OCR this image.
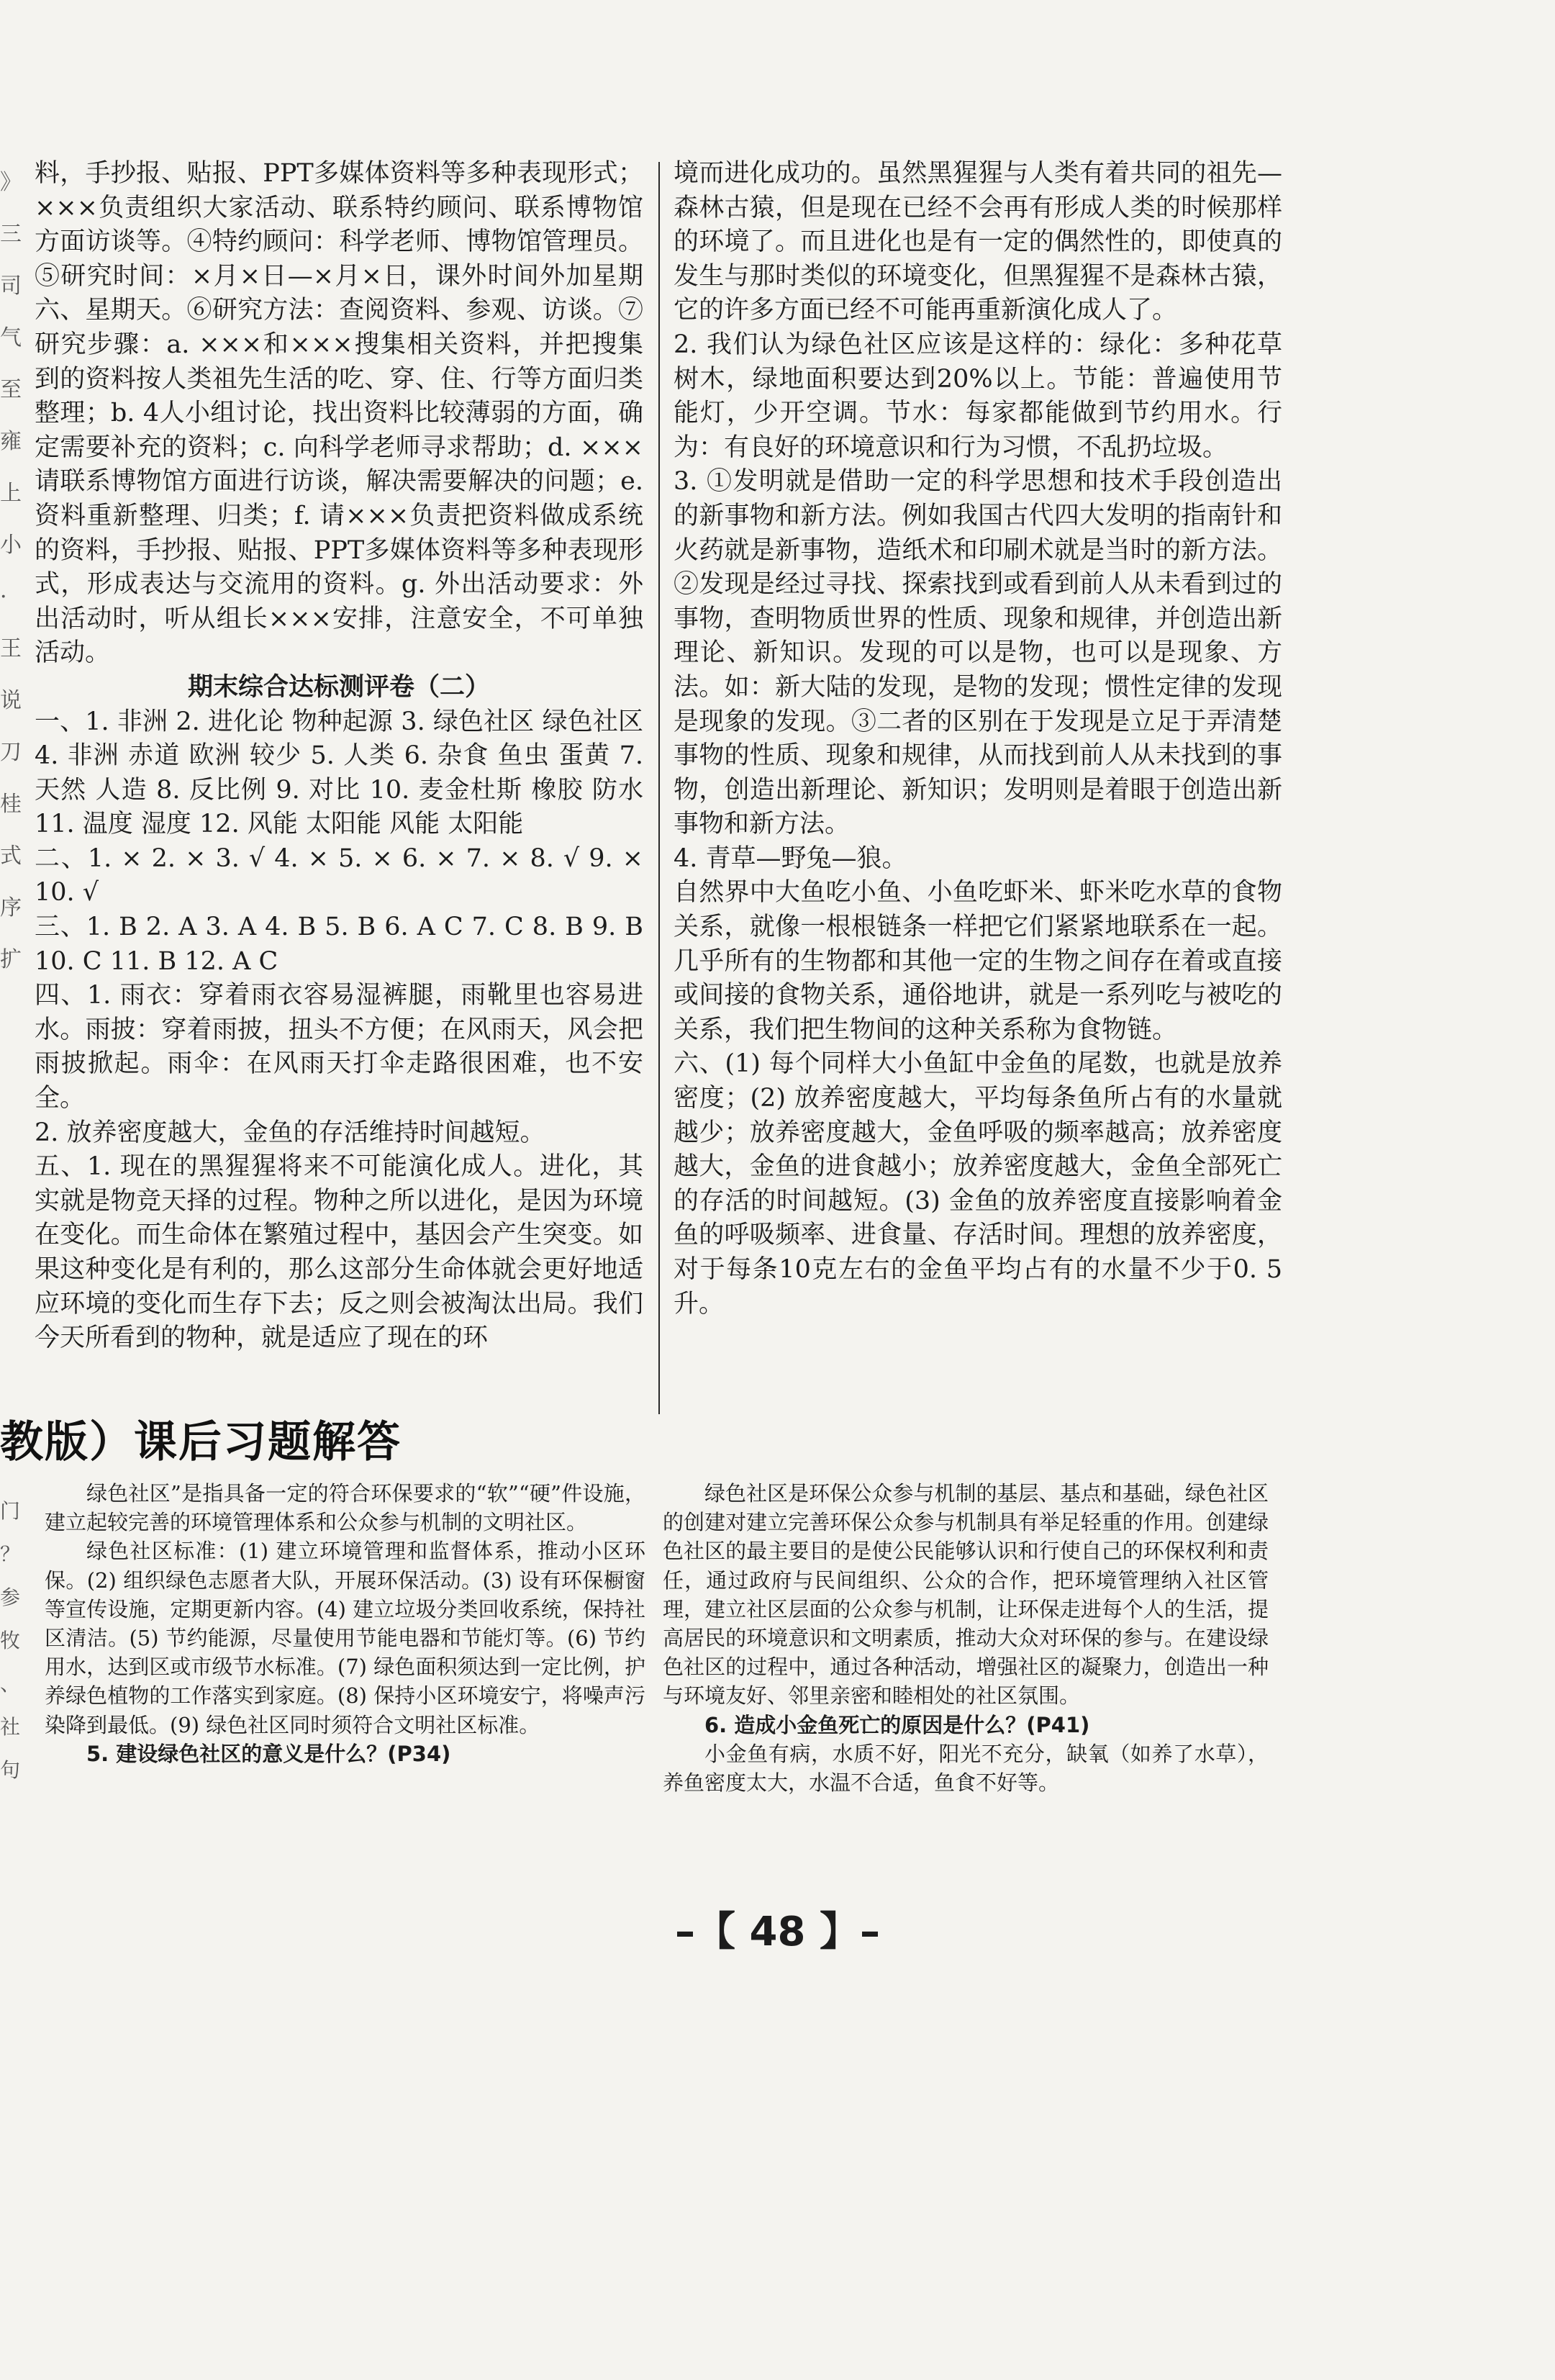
》
三
司
气
至
雍
上
小
·
王
说
刀
桂
式
序
扩

料，手抄报、贴报、PPT多媒体资料等多种表现形式；×××负责组织大家活动、联系特约顾问、联系博物馆方面访谈等。④特约顾问：科学老师、博物馆管理员。⑤研究时间：×月×日—×月×日，课外时间外加星期六、星期天。⑥研究方法：查阅资料、参观、访谈。⑦研究步骤：a. ×××和×××搜集相关资料，并把搜集到的资料按人类祖先生活的吃、穿、住、行等方面归类整理；b. 4人小组讨论，找出资料比较薄弱的方面，确定需要补充的资料；c. 向科学老师寻求帮助；d. ×××请联系博物馆方面进行访谈，解决需要解决的问题；e. 资料重新整理、归类；f. 请×××负责把资料做成系统的资料，手抄报、贴报、PPT多媒体资料等多种表现形式，形成表达与交流用的资料。g. 外出活动要求：外出活动时，听从组长×××安排，注意安全，不可单独活动。

期末综合达标测评卷（二）

一、1. 非洲 2. 进化论 物种起源 3. 绿色社区 绿色社区 4. 非洲 赤道 欧洲 较少 5. 人类 6. 杂食 鱼虫 蛋黄 7. 天然 人造 8. 反比例 9. 对比 10. 麦金杜斯 橡胶 防水 11. 温度 湿度 12. 风能 太阳能 风能 太阳能

二、1. × 2. × 3. √ 4. × 5. × 6. × 7. × 8. √ 9. × 10. √

三、1. B 2. A 3. A 4. B 5. B 6. A C 7. C 8. B 9. B 10. C 11. B 12. A C

四、1. 雨衣：穿着雨衣容易湿裤腿，雨靴里也容易进水。雨披：穿着雨披，扭头不方便；在风雨天，风会把雨披掀起。雨伞：在风雨天打伞走路很困难，也不安全。

2. 放养密度越大，金鱼的存活维持时间越短。

五、1. 现在的黑猩猩将来不可能演化成人。进化，其实就是物竞天择的过程。物种之所以进化，是因为环境在变化。而生命体在繁殖过程中，基因会产生突变。如果这种变化是有利的，那么这部分生命体就会更好地适应环境的变化而生存下去；反之则会被淘汰出局。我们今天所看到的物种，就是适应了现在的环

境而进化成功的。虽然黑猩猩与人类有着共同的祖先—森林古猿，但是现在已经不会再有形成人类的时候那样的环境了。而且进化也是有一定的偶然性的，即使真的发生与那时类似的环境变化，但黑猩猩不是森林古猿，它的许多方面已经不可能再重新演化成人了。

2. 我们认为绿色社区应该是这样的：绿化：多种花草树木，绿地面积要达到20%以上。节能：普遍使用节能灯，少开空调。节水：每家都能做到节约用水。行为：有良好的环境意识和行为习惯，不乱扔垃圾。

3. ①发明就是借助一定的科学思想和技术手段创造出的新事物和新方法。例如我国古代四大发明的指南针和火药就是新事物，造纸术和印刷术就是当时的新方法。②发现是经过寻找、探索找到或看到前人从未看到过的事物，查明物质世界的性质、现象和规律，并创造出新理论、新知识。发现的可以是物，也可以是现象、方法。如：新大陆的发现，是物的发现；惯性定律的发现是现象的发现。③二者的区别在于发现是立足于弄清楚事物的性质、现象和规律，从而找到前人从未找到的事物，创造出新理论、新知识；发明则是着眼于创造出新事物和新方法。

4. 青草—野兔—狼。

自然界中大鱼吃小鱼、小鱼吃虾米、虾米吃水草的食物关系，就像一根根链条一样把它们紧紧地联系在一起。几乎所有的生物都和其他一定的生物之间存在着或直接或间接的食物关系，通俗地讲，就是一系列吃与被吃的关系，我们把生物间的这种关系称为食物链。

六、(1) 每个同样大小鱼缸中金鱼的尾数，也就是放养密度；(2) 放养密度越大，平均每条鱼所占有的水量就越少；放养密度越大，金鱼呼吸的频率越高；放养密度越大，金鱼的进食越小；放养密度越大，金鱼全部死亡的存活的时间越短。(3) 金鱼的放养密度直接影响着金鱼的呼吸频率、进食量、存活时间。理想的放养密度，对于每条10克左右的金鱼平均占有的水量不少于0. 5升。

教版）课后习题解答
门
？
参
牧
、
社
句

绿色社区”是指具备一定的符合环保要求的“软”“硬”件设施，建立起较完善的环境管理体系和公众参与机制的文明社区。

绿色社区标准：(1) 建立环境管理和监督体系，推动小区环保。(2) 组织绿色志愿者大队，开展环保活动。(3) 设有环保橱窗等宣传设施，定期更新内容。(4) 建立垃圾分类回收系统，保持社区清洁。(5) 节约能源，尽量使用节能电器和节能灯等。(6) 节约用水，达到区或市级节水标准。(7) 绿色面积须达到一定比例，护养绿色植物的工作落实到家庭。(8) 保持小区环境安宁，将噪声污染降到最低。(9) 绿色社区同时须符合文明社区标准。

5. 建设绿色社区的意义是什么？(P34)

绿色社区是环保公众参与机制的基层、基点和基础，绿色社区的创建对建立完善环保公众参与机制具有举足轻重的作用。创建绿色社区的最主要目的是使公民能够认识和行使自己的环保权利和责任，通过政府与民间组织、公众的合作，把环境管理纳入社区管理，建立社区层面的公众参与机制，让环保走进每个人的生活，提高居民的环境意识和文明素质，推动大众对环保的参与。在建设绿色社区的过程中，通过各种活动，增强社区的凝聚力，创造出一种与环境友好、邻里亲密和睦相处的社区氛围。

6. 造成小金鱼死亡的原因是什么？(P41)

小金鱼有病，水质不好，阳光不充分，缺氧（如养了水草），养鱼密度太大，水温不合适，鱼食不好等。

–【 48 】–
